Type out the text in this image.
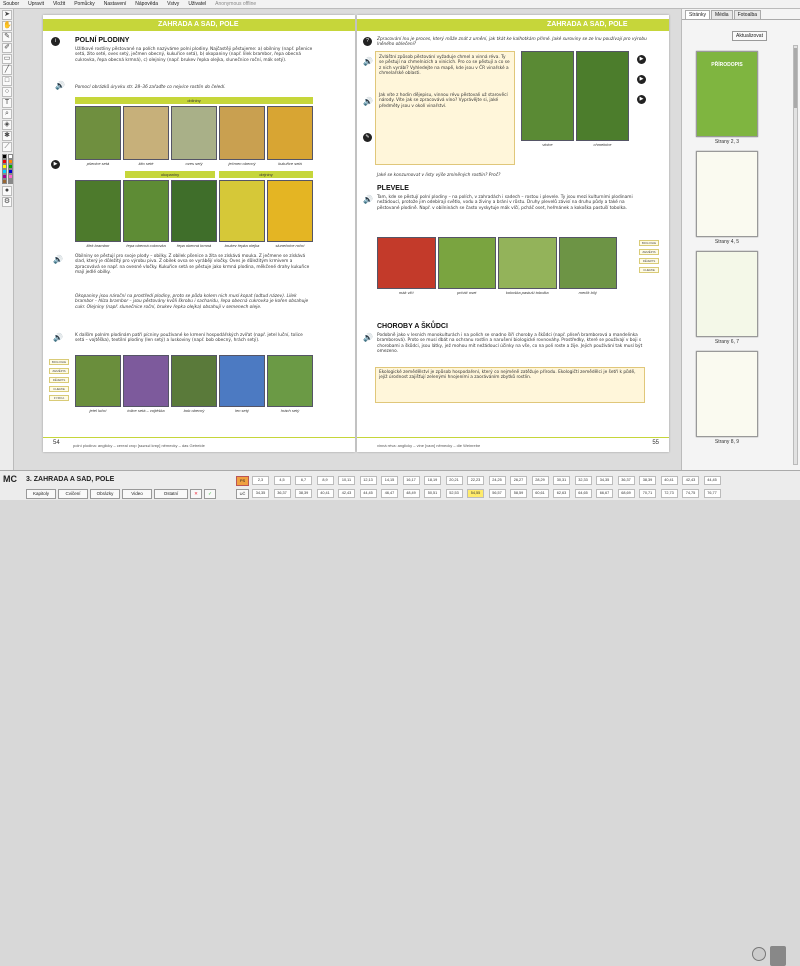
Soubor Upravit Vložit Pomůcky Nastavení Nápověda Vstvy Uživatel Anonymous offline
➤
✋
✎
✐
▭
╱
□
○
T
⌕
◈
✱
⟋
●
⚙
ZAHRADA A SAD, POLE
i	POLNÍ PLODINY
Užitkové rostliny pěstované na polích nazýváme polní plodiny. Najčastěji pěstujeme: a) obilniny (např. pšenice setá, žito seté, oves setý, ječmen obecný, kukuřice setá), b) okopaniny (např. lilek brambor, řepa obecná cukrovka, řepa obecná krmná), c) olejniny (např. brukev řepka olejka, slunečnice roční, mák setý).
Pomocí obrázků úryvku str. 28–36 zařaďte co nejvíce rostlin do čeledí.
🔊
obilniny
pšenice setá	žito seté	oves setý	ječmen obecný	kukuřice setá
okopaniny	olejniny
lilek brambor	řepa obecná cukrovka	řepa obecná krmná	brukev řepka olejka	slunečnice roční
▶
🔊	Obilniny se pěstují pro svoje plody – obilky. Z obilek pšenice a žita se získává mouka. Z ječmene se získává slad, který je důležitý pro výrobu piva. Z obilek ovsa se vyrábějí vločky. Oves je důležitým krmivem a zpracovává se např. na ovesné vločky. Kukuřice setá se pěstuje jako krmná plodina, měkčené drahy kukuřice mají jedlé obilky.
Okopaniny jsou nároční na prostředí plodiny, proto se půda kolem nich musí kopat (odtud název). Lilek brambor – hlíza brambor – jsou pěstovány kvůli škrobu i sacharidu, řepa obecná cukrovka je kořen obsahuje cukr. Olejniny (např. slunečnice roční, brukev řepka olejka) obsahují v semenech oleje.
🔊	K dalším polním plodinám patří pícniny používané ke krmení hospodářských zvířat (např. jetel luční, tolice setá – vojtěška), textilní plodiny (len setý) a luskoviny (např. bob obecný, hrách setý).
jetel luční	tolice setá – vojtěška	bob obecný	len setý	hrách setý
BIOLOGIE
ZEMĚPIS
DĚJEPIS
CHEMIE
FYZIKA
54	polní plodina: anglicky – cereal crop [sɪərɪəl krɒp] německy – das Getreide
ZAHRADA A SAD, POLE
?	Zpracování lnu je proces, který může znát z umění, jak tkát ke kalhotkám přímé. Jaké suroviny se ze lnu používají pro výrobu lněného oblečení?
Zvláštní způsob pěstování vyžaduje chmel a vinná réva. Ty se pěstují na chmelnicích a vinicích. Pro co se pěstují a co se z nich vyrábí? Vyhledejte na mapě, kde jsou v ČR vinařské a chmelařské oblasti.
Jak víte z hodin dějepisu, vinnou révu pěstovali už starověcí národy. Víte jak se zpracovává víno? Vyprávějte si, jaké předměty jsou v okolí vinařství.
🔊
🔊
✎
vinice	chmelnice
▶
▶
▶
Jaké se konzumovat v listy výše zmíněných rostlin? Proč?
PLEVELE
🔊 Tam, kde se pěstují polní plodiny – na polích, v zahradách i sadech – rostou i plevele. Ty jsou mezi kulturními plodinami nežádoucí, protože jim odebírají světlo, vodu a živiny a brání v růstu. Druhy plevelů závisí na druhu půdy a také na pěstované plodině. Např. v obilninách se často vyskytuje mák vlčí, pcháč oset, heřmánek a kokoška pastuší tobolka.
mák vlčí	pcháč oset	kokoška pastuší tobolka	merlík bílý
BIOLOGIE
ZEMĚPIS
DĚJEPIS
CHEMIE
CHOROBY A ŠKŮDCI
🔊 Podobně jako v lesních monokulturách i na polích se snadno šíří choroby a škůdci (např. plíseň bramborová a mandelinka bramborová). Proto se musí dbát na ochranu rostlin a narušení biologické rovnováhy. Prostředky, které se používají v boji s chorobami a škůdci, jsou látky, jež mohou mít nežádoucí účinky na vše, co na poli roste a žije. Jejich používání tak musí být omezeno.
Ekologické zemědělství je způsob hospodaření, který co nejméně zatěžuje přírodu. Ekologičtí zemědělci je šetří k půdě, jejíž úrodnost zajišťují zelenými hnojeními a zaoráváním zbytků rostlin.
55
vinná réva: anglicky – vine [vaɪn] německy – die Weinrebe
Stránky	Média	Fotoalba
Aktualizovat
PŘÍRODOPIS
Strany 2, 3
Strany 4, 5
Strany 6, 7
Strany 8, 9
MC 3. ZAHRADA A SAD, POLE
Kapitoly	Cvičení	Obrázky	Video	Ostatní	✕	✓
PS
UČ
2,3	4,5	6,7	8,9	10,11	12,13	14,15	16,17	18,19	20,21	22,23	24,25	26,27	28,29	30,31	32,33	34,35	36,37	38,39	40,41	42,43	44,45
34,35	36,37	38,39	40,41	42,43	44,45	46,47	48,49	50,51	52,53	54,55	56,57	58,59	60,61	62,63	64,65	66,67	68,69	70,71	72,73	74,75	76,77
